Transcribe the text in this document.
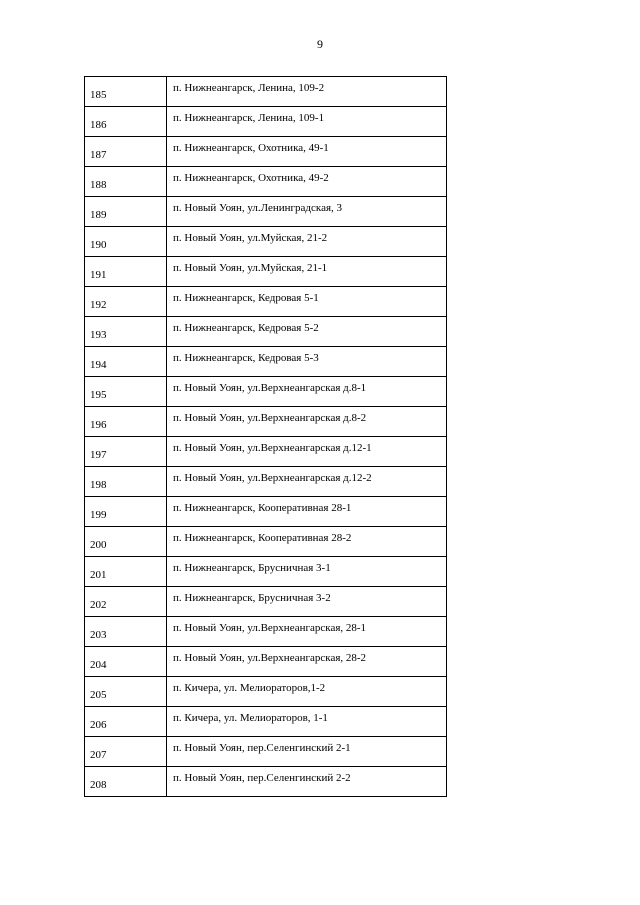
9
185	п. Нижнеангарск, Ленина, 109-2
186	п. Нижнеангарск, Ленина, 109-1
187	п. Нижнеангарск, Охотника, 49-1
188	п. Нижнеангарск, Охотника, 49-2
189	п. Новый Уоян, ул.Ленинградская, 3
190	п. Новый Уоян, ул.Муйская, 21-2
191	п. Новый Уоян, ул.Муйская, 21-1
192	п. Нижнеангарск, Кедровая 5-1
193	п. Нижнеангарск, Кедровая 5-2
194	п. Нижнеангарск, Кедровая 5-3
195	п. Новый Уоян, ул.Верхнеангарская д.8-1
196	п. Новый Уоян, ул.Верхнеангарская д.8-2
197	п. Новый Уоян, ул.Верхнеангарская д.12-1
198	п. Новый Уоян, ул.Верхнеангарская д.12-2
199	п. Нижнеангарск, Кооперативная 28-1
200	п. Нижнеангарск, Кооперативная 28-2
201	п. Нижнеангарск, Брусничная 3-1
202	п. Нижнеангарск, Брусничная 3-2
203	п. Новый Уоян, ул.Верхнеангарская, 28-1
204	п. Новый Уоян, ул.Верхнеангарская, 28-2
205	п. Кичера, ул. Мелиораторов,1-2
206	п. Кичера, ул. Мелиораторов, 1-1
207	п. Новый Уоян, пер.Селенгинский 2-1
208	п. Новый Уоян, пер.Селенгинский 2-2
